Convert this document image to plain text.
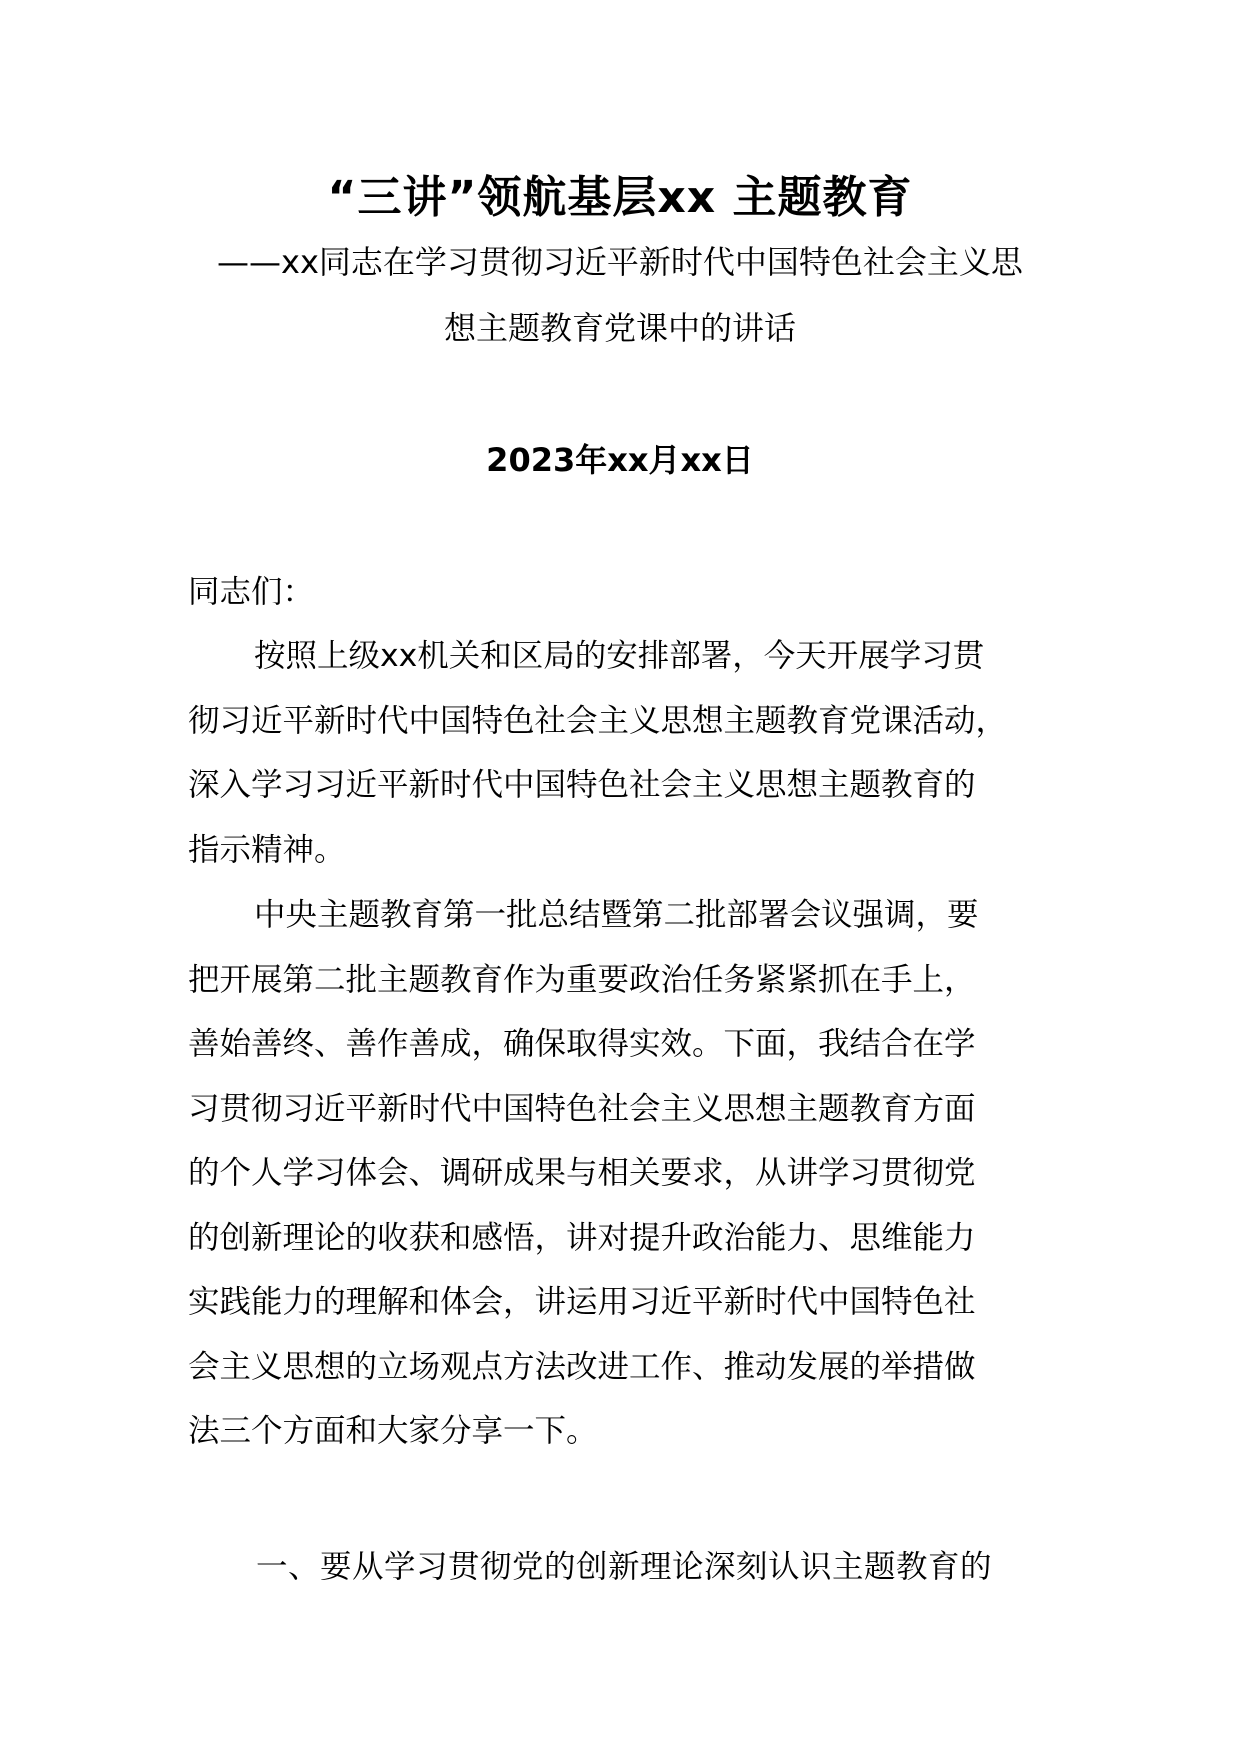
“三讲”领航基层xx 主题教育
——xx同志在学习贯彻习近平新时代中国特色社会主义思
想主题教育党课中的讲话
2023年xx月xx日
同志们：
按照上级xx机关和区局的安排部署，今天开展学习贯
彻习近平新时代中国特色社会主义思想主题教育党课活动，
深入学习习近平新时代中国特色社会主义思想主题教育的
指示精神。
中央主题教育第一批总结暨第二批部署会议强调，要
把开展第二批主题教育作为重要政治任务紧紧抓在手上，
善始善终、善作善成，确保取得实效。下面，我结合在学
习贯彻习近平新时代中国特色社会主义思想主题教育方面
的个人学习体会、调研成果与相关要求，从讲学习贯彻党
的创新理论的收获和感悟，讲对提升政治能力、思维能力
实践能力的理解和体会，讲运用习近平新时代中国特色社
会主义思想的立场观点方法改进工作、推动发展的举措做
法三个方面和大家分享一下。
一、要从学习贯彻党的创新理论深刻认识主题教育的
